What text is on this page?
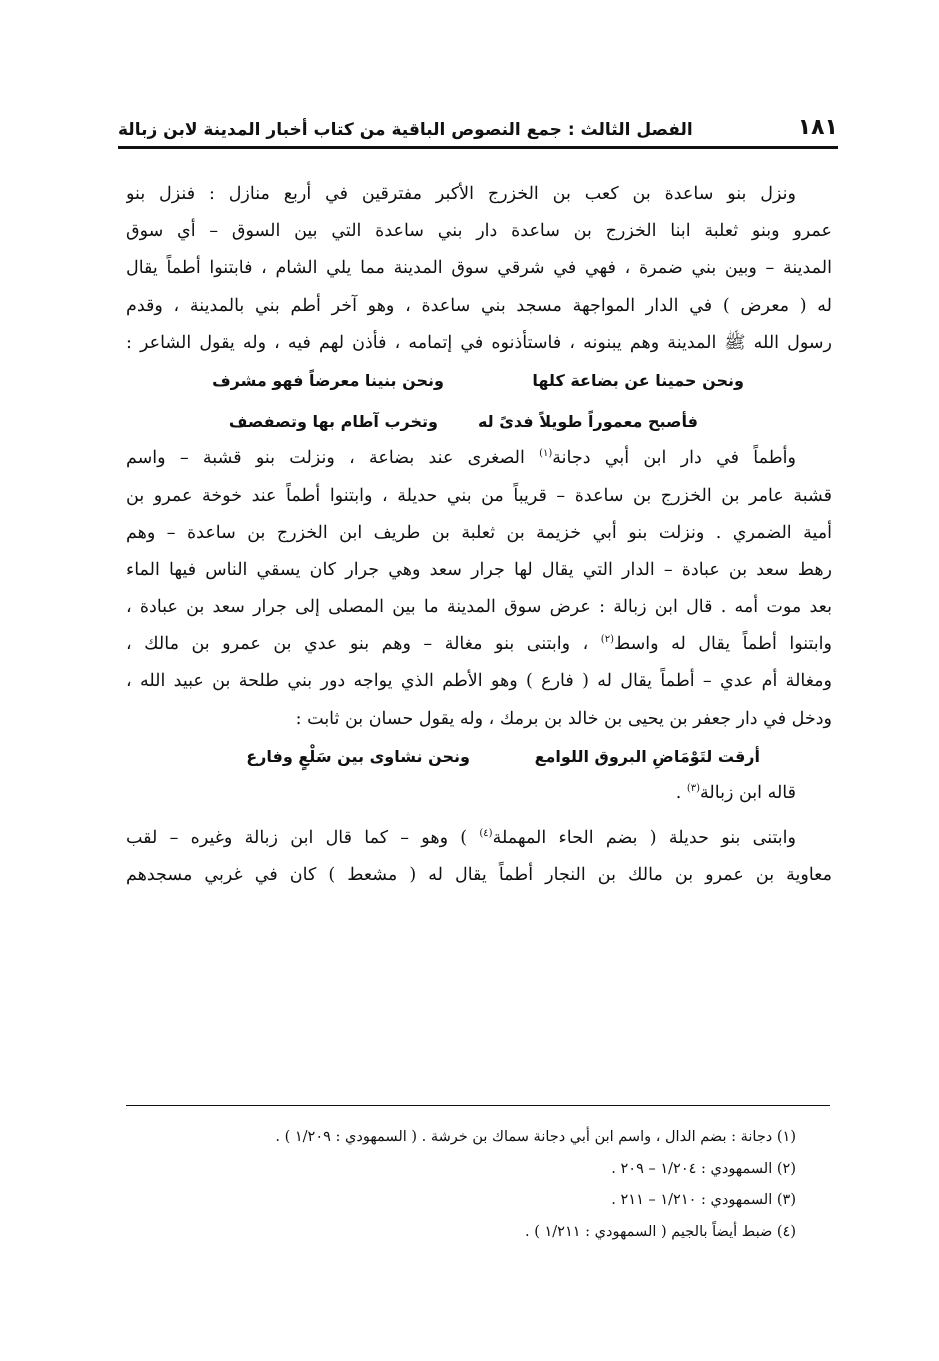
١٨١
الفصل الثالث : جمع النصوص الباقية من كتاب أخبار المدينة لابن زبالة
ونزل بنو ساعدة بن كعب بن الخزرج الأكبر مفترقين في أربع منازل : فنزل بنو
عمرو وبنو ثعلبة ابنا الخزرج بن ساعدة دار بني ساعدة التي بين السوق – أي سوق
المدينة – وبين بني ضمرة ، فهي في شرقي سوق المدينة مما يلي الشام ، فابتنوا أطماً يقال
له ( معرض ) في الدار المواجهة مسجد بني ساعدة ، وهو آخر أطم بني بالمدينة ، وقدم
رسول الله ﷺ المدينة وهم يبنونه ، فاستأذنوه في إتمامه ، فأذن لهم فيه ، وله يقول الشاعر :
ونحن حمينا عن بضاعة كلها
ونحن بنينا معرضاً فهو مشرف
فأصبح معموراً طويلاً فدىً له
وتخرب آطام بها وتصفصف
وأطماً في دار ابن أبي دجانة$^{(١)}$ الصغرى عند بضاعة ، ونزلت بنو قشبة – واسم
قشبة عامر بن الخزرج بن ساعدة – قريباً من بني حديلة ، وابتنوا أطماً عند خوخة عمرو بن
أمية الضمري . ونزلت بنو أبي خزيمة بن ثعلبة بن طريف ابن الخزرج بن ساعدة – وهم
رهط سعد بن عبادة – الدار التي يقال لها جرار سعد وهي جرار كان يسقي الناس فيها الماء
بعد موت أمه . قال ابن زبالة : عرض سوق المدينة ما بين المصلى إلى جرار سعد بن عبادة ،
وابتنوا أطماً يقال له واسط$^{(٢)}$ ، وابتنى بنو مغالة – وهم بنو عدي بن عمرو بن مالك ،
ومغالة أم عدي – أطماً يقال له ( فارع ) وهو الأطم الذي يواجه دور بني طلحة بن عبيد الله ،
ودخل في دار جعفر بن يحيى بن خالد بن برمك ، وله يقول حسان بن ثابت :
أرقت لتَوْمَاضِ البروق اللوامع
ونحن نشاوى بين سَلْعٍ وفارع
قاله ابن زبالة$^{(٣)}$ .
وابتنى بنو حديلة ( بضم الحاء المهملة$^{(٤)}$ ) وهو – كما قال ابن زبالة وغيره – لقب
معاوية بن عمرو بن مالك بن النجار أطماً يقال له ( مشعط ) كان في غربي مسجدهم
(١) دجانة : بضم الدال ، واسم ابن أبي دجانة سماك بن خرشة . ( السمهودي : ١/٢٠٩ ) .
(٢) السمهودي : ١/٢٠٤ – ٢٠٩ .
(٣) السمهودي : ١/٢١٠ – ٢١١ .
(٤) ضبط أيضاً بالجيم ( السمهودي : ١/٢١١ ) .
